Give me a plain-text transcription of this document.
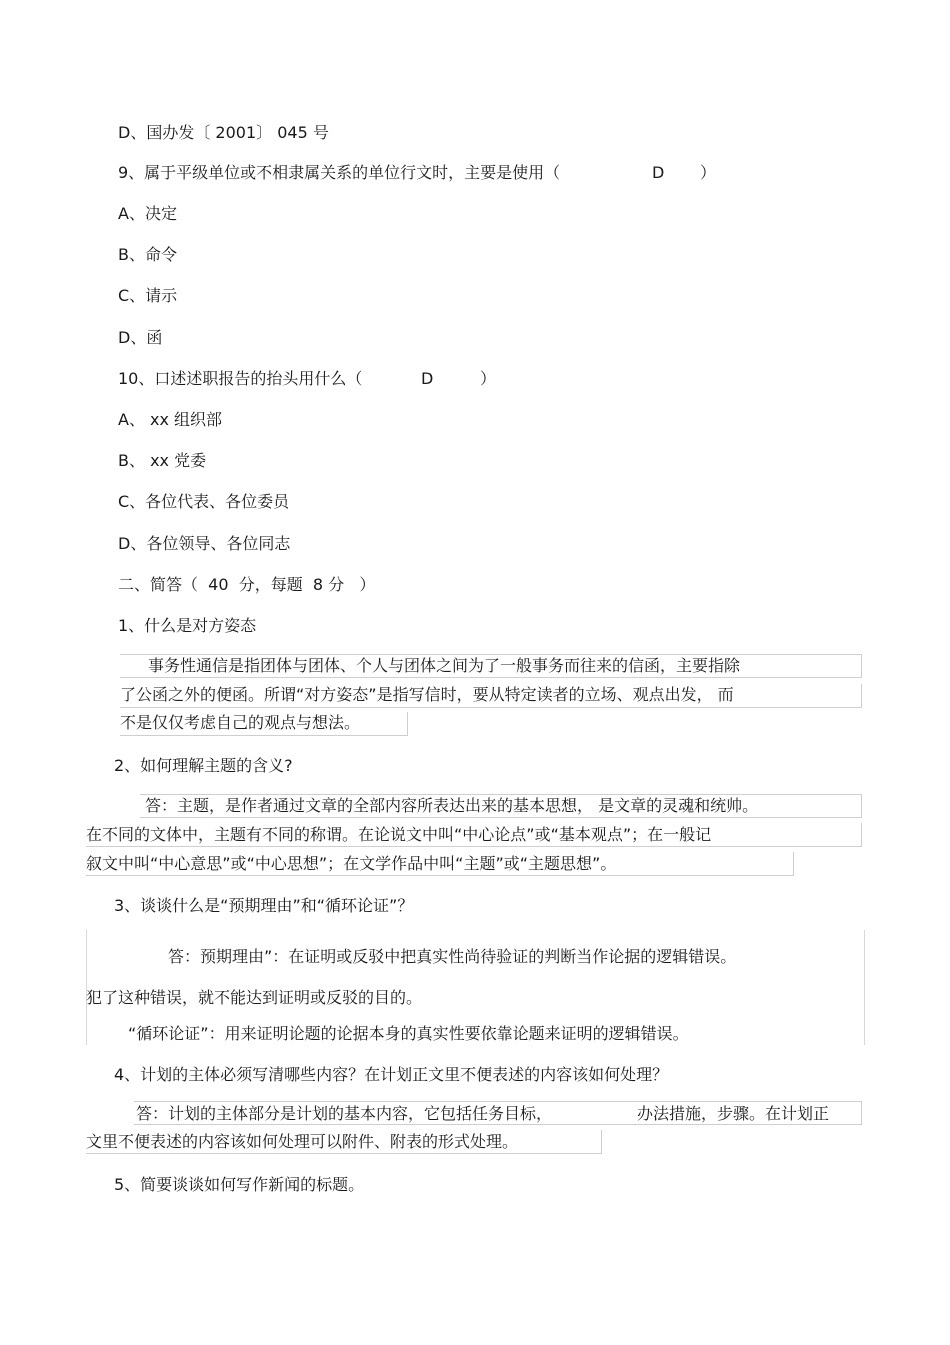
D、国办发〔 2001〕 045 号
9、属于平级单位或不相隶属关系的单位行文时，主要是使用（	D ）
A、决定
B、命令
C、请示
D、函
10、口述述职报告的抬头用什么（	D	）
A、 xx 组织部
B、 xx 党委
C、各位代表、各位委员
D、各位领导、各位同志
二、简答（  40  分，每题  8 分   ）
1、什么是对方姿态
事务性通信是指团体与团体、个人与团体之间为了一般事务而往来的信函，主要指除
了公函之外的便函。所谓“对方姿态”是指写信时，要从特定读者的立场、观点出发， 而
不是仅仅考虑自己的观点与想法。
2、如何理解主题的含义?
答：主题，是作者通过文章的全部内容所表达出来的基本思想， 是文章的灵魂和统帅。
在不同的文体中，主题有不同的称谓。在论说文中叫“中心论点”或“基本观点”；在一般记
叙文中叫“中心意思”或“中心思想”；在文学作品中叫“主题”或“主题思想”。
3、谈谈什么是“预期理由”和“循环论证”？
答：预期理由”：在证明或反驳中把真实性尚待验证的判断当作论据的逻辑错误。
犯了这种错误，就不能达到证明或反驳的目的。
“循环论证”：用来证明论题的论据本身的真实性要依靠论题来证明的逻辑错误。
4、计划的主体必须写清哪些内容？在计划正文里不便表述的内容该如何处理？
答：计划的主体部分是计划的基本内容，它包括任务目标，	办法措施，步骤。在计划正
文里不便表述的内容该如何处理可以附件、附表的形式处理。
5、简要谈谈如何写作新闻的标题。
